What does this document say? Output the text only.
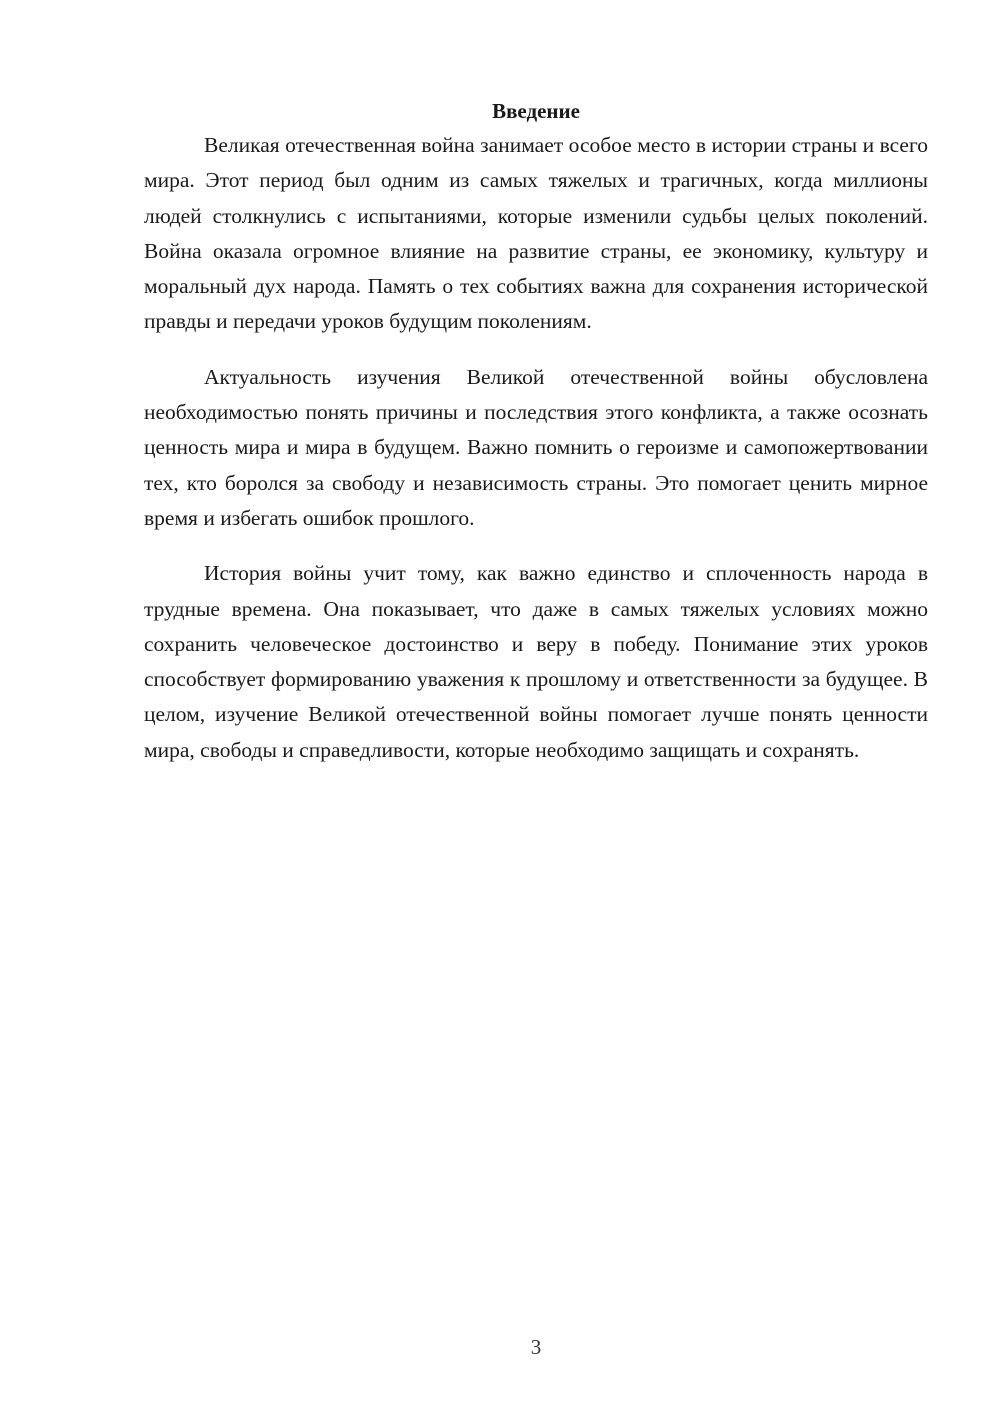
Введение

Великая отечественная война занимает особое место в истории страны и всего мира. Этот период был одним из самых тяжелых и трагичных, когда миллионы людей столкнулись с испытаниями, которые изменили судьбы целых поколений. Война оказала огромное влияние на развитие страны, ее экономику, культуру и моральный дух народа. Память о тех событиях важна для сохранения исторической правды и передачи уроков будущим поколениям.

Актуальность изучения Великой отечественной войны обусловлена необходимостью понять причины и последствия этого конфликта, а также осознать ценность мира и мира в будущем. Важно помнить о героизме и самопожертвовании тех, кто боролся за свободу и независимость страны. Это помогает ценить мирное время и избегать ошибок прошлого.

История войны учит тому, как важно единство и сплоченность народа в трудные времена. Она показывает, что даже в самых тяжелых условиях можно сохранить человеческое достоинство и веру в победу. Понимание этих уроков способствует формированию уважения к прошлому и ответственности за будущее. В целом, изучение Великой отечественной войны помогает лучше понять ценности мира, свободы и справедливости, которые необходимо защищать и сохранять.

3
